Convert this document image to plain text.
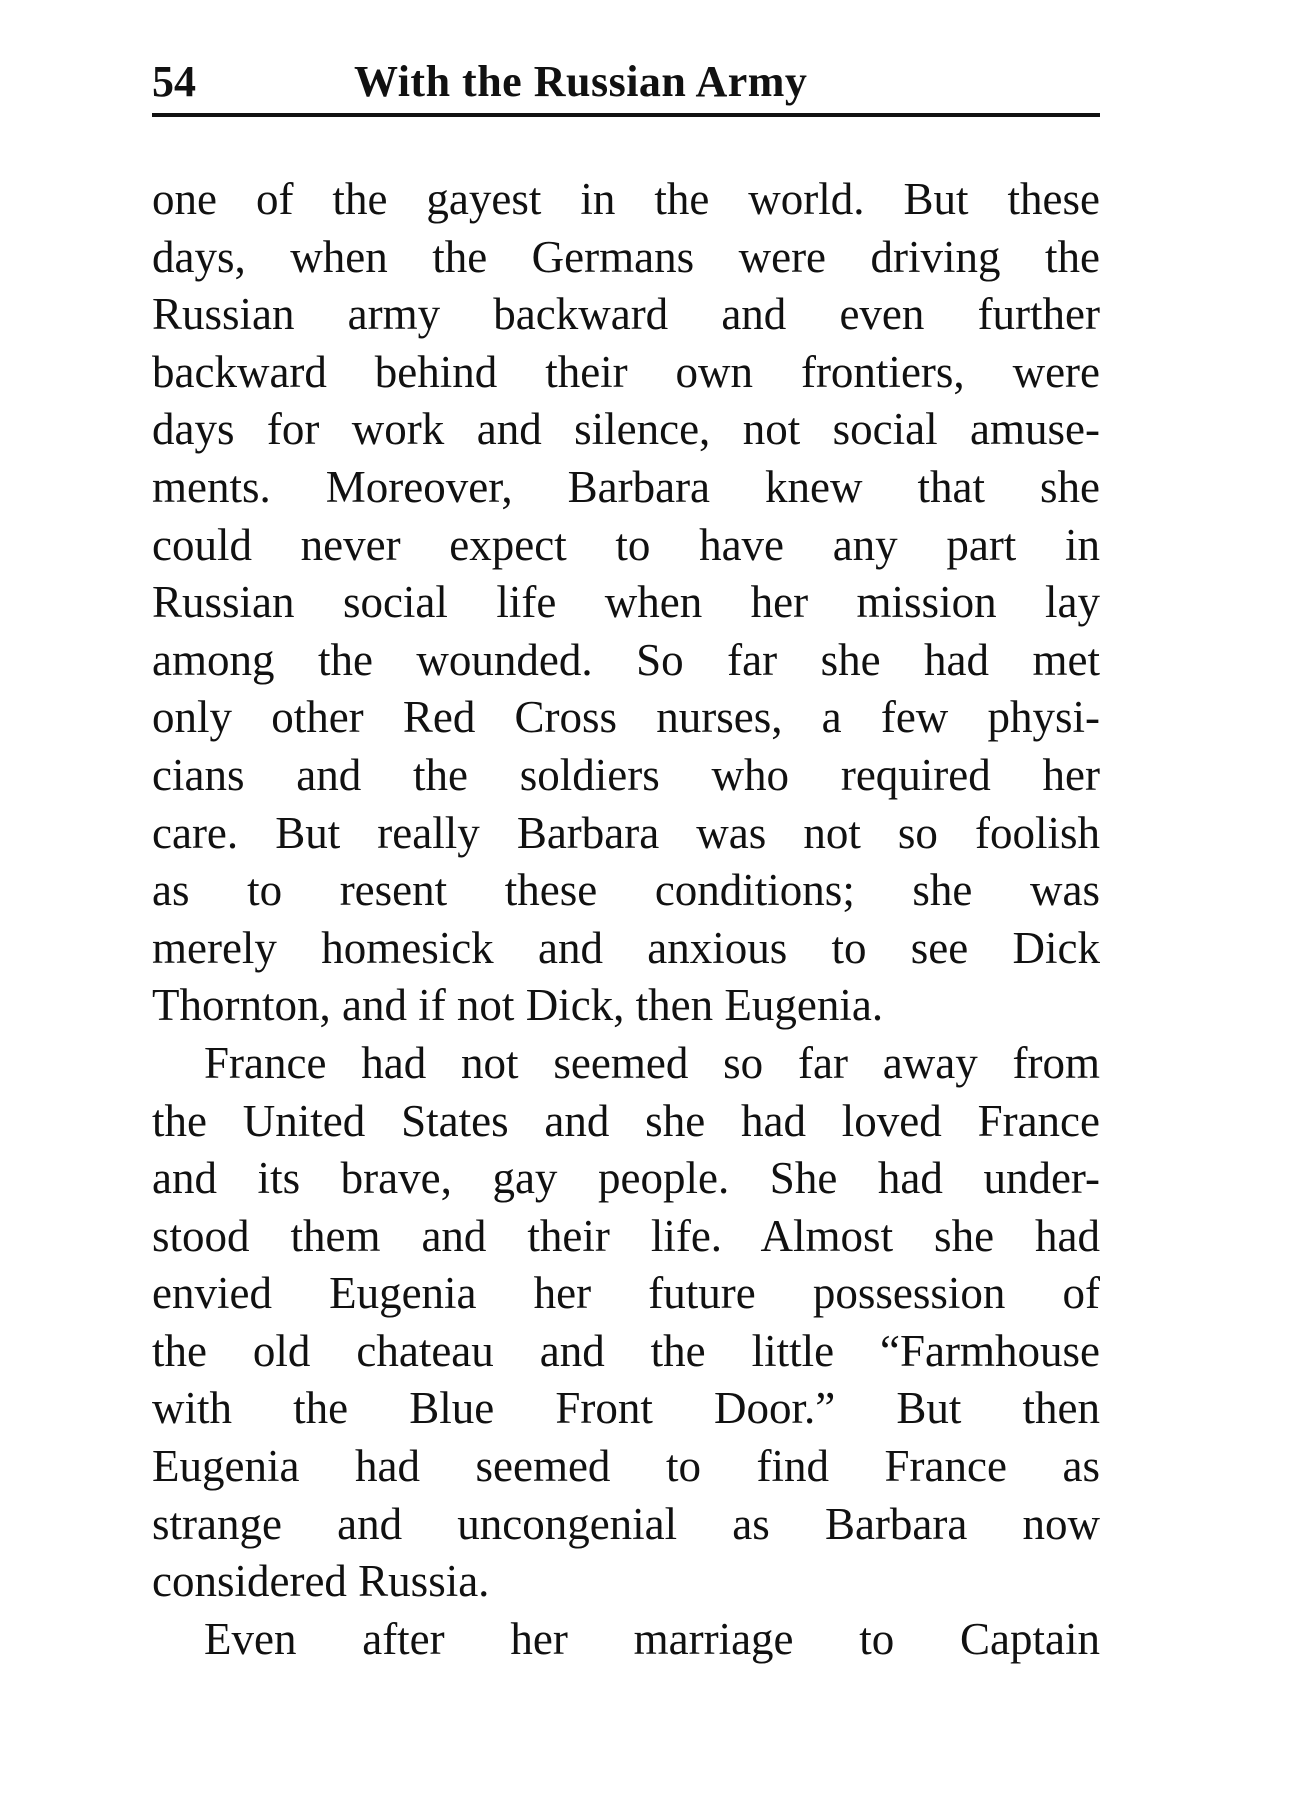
54	With the Russian Army
one of the gayest in the world. But these
days, when the Germans were driving the
Russian army backward and even further
backward behind their own frontiers, were
days for work and silence, not social amuse-
ments. Moreover, Barbara knew that she
could never expect to have any part in
Russian social life when her mission lay
among the wounded. So far she had met
only other Red Cross nurses, a few physi-
cians and the soldiers who required her
care. But really Barbara was not so foolish
as to resent these conditions; she was
merely homesick and anxious to see Dick
Thornton, and if not Dick, then Eugenia.
France had not seemed so far away from
the United States and she had loved France
and its brave, gay people. She had under-
stood them and their life. Almost she had
envied Eugenia her future possession of
the old chateau and the little “Farmhouse
with the Blue Front Door.” But then
Eugenia had seemed to find France as
strange and uncongenial as Barbara now
considered Russia.
Even after her marriage to Captain
